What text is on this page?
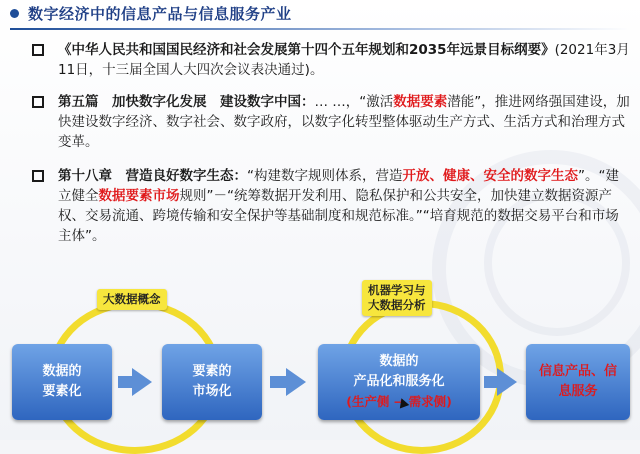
数字经济中的信息产品与信息服务产业
《中华人民共和国国民经济和社会发展第十四个五年规划和2035年远景目标纲要》(2021年3月11日，十三届全国人大四次会议表决通过)。
第五篇　加快数字化发展　建设数字中国：… …，“激活数据要素潜能”，推进网络强国建设，加快建设数字经济、数字社会、数字政府，以数字化转型整体驱动生产方式、生活方式和治理方式变革。
第十八章　营造良好数字生态：“构建数字规则体系，营造开放、健康、安全的数字生态”。“建立健全数据要素市场规则”－“统筹数据开发利用、隐私保护和公共安全，加快建立数据资源产权、交易流通、跨境传输和安全保护等基础制度和规范标准。”“培育规范的数据交易平台和市场主体”。
大数据概念
机器学习与
大数据分析
数据的
要素化
要素的
市场化
数据的
产品化和服务化
(生产侧 → 需求侧)
信息产品、信
息服务
